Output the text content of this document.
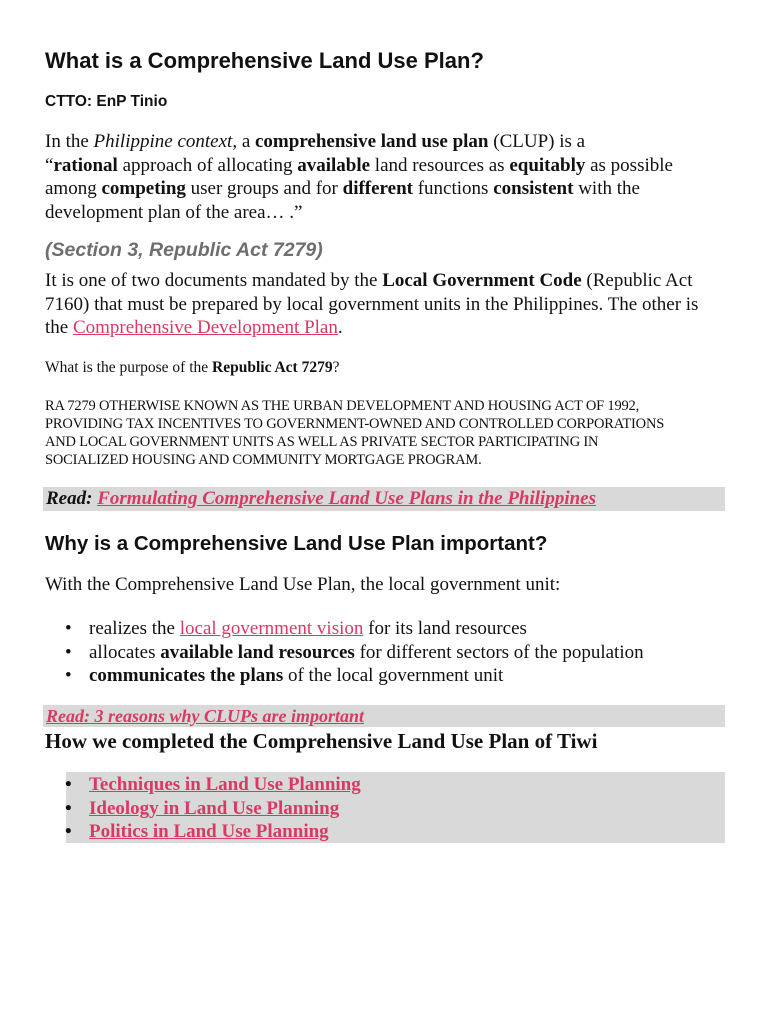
What is a Comprehensive Land Use Plan?

CTTO: EnP Tinio

In the Philippine context, a comprehensive land use plan (CLUP) is a
“rational approach of allocating available land resources as equitably as possible
among competing user groups and for different functions consistent with the
development plan of the area… .”

(Section 3, Republic Act 7279)

It is one of two documents mandated by the Local Government Code (Republic Act
7160) that must be prepared by local government units in the Philippines. The other is
the Comprehensive Development Plan.

What is the purpose of the Republic Act 7279?

RA 7279 OTHERWISE KNOWN AS THE URBAN DEVELOPMENT AND HOUSING ACT OF 1992,
PROVIDING TAX INCENTIVES TO GOVERNMENT-OWNED AND CONTROLLED CORPORATIONS
AND LOCAL GOVERNMENT UNITS AS WELL AS PRIVATE SECTOR PARTICIPATING IN
SOCIALIZED HOUSING AND COMMUNITY MORTGAGE PROGRAM.
Read: Formulating Comprehensive Land Use Plans in the Philippines
Why is a Comprehensive Land Use Plan important?

With the Comprehensive Land Use Plan, the local government unit:

• realizes the local government vision for its land resources
• allocates available land resources for different sectors of the population
• communicates the plans of the local government unit
Read: 3 reasons why CLUPs are important
How we completed the Comprehensive Land Use Plan of Tiwi
• Techniques in Land Use Planning
• Ideology in Land Use Planning
• Politics in Land Use Planning
